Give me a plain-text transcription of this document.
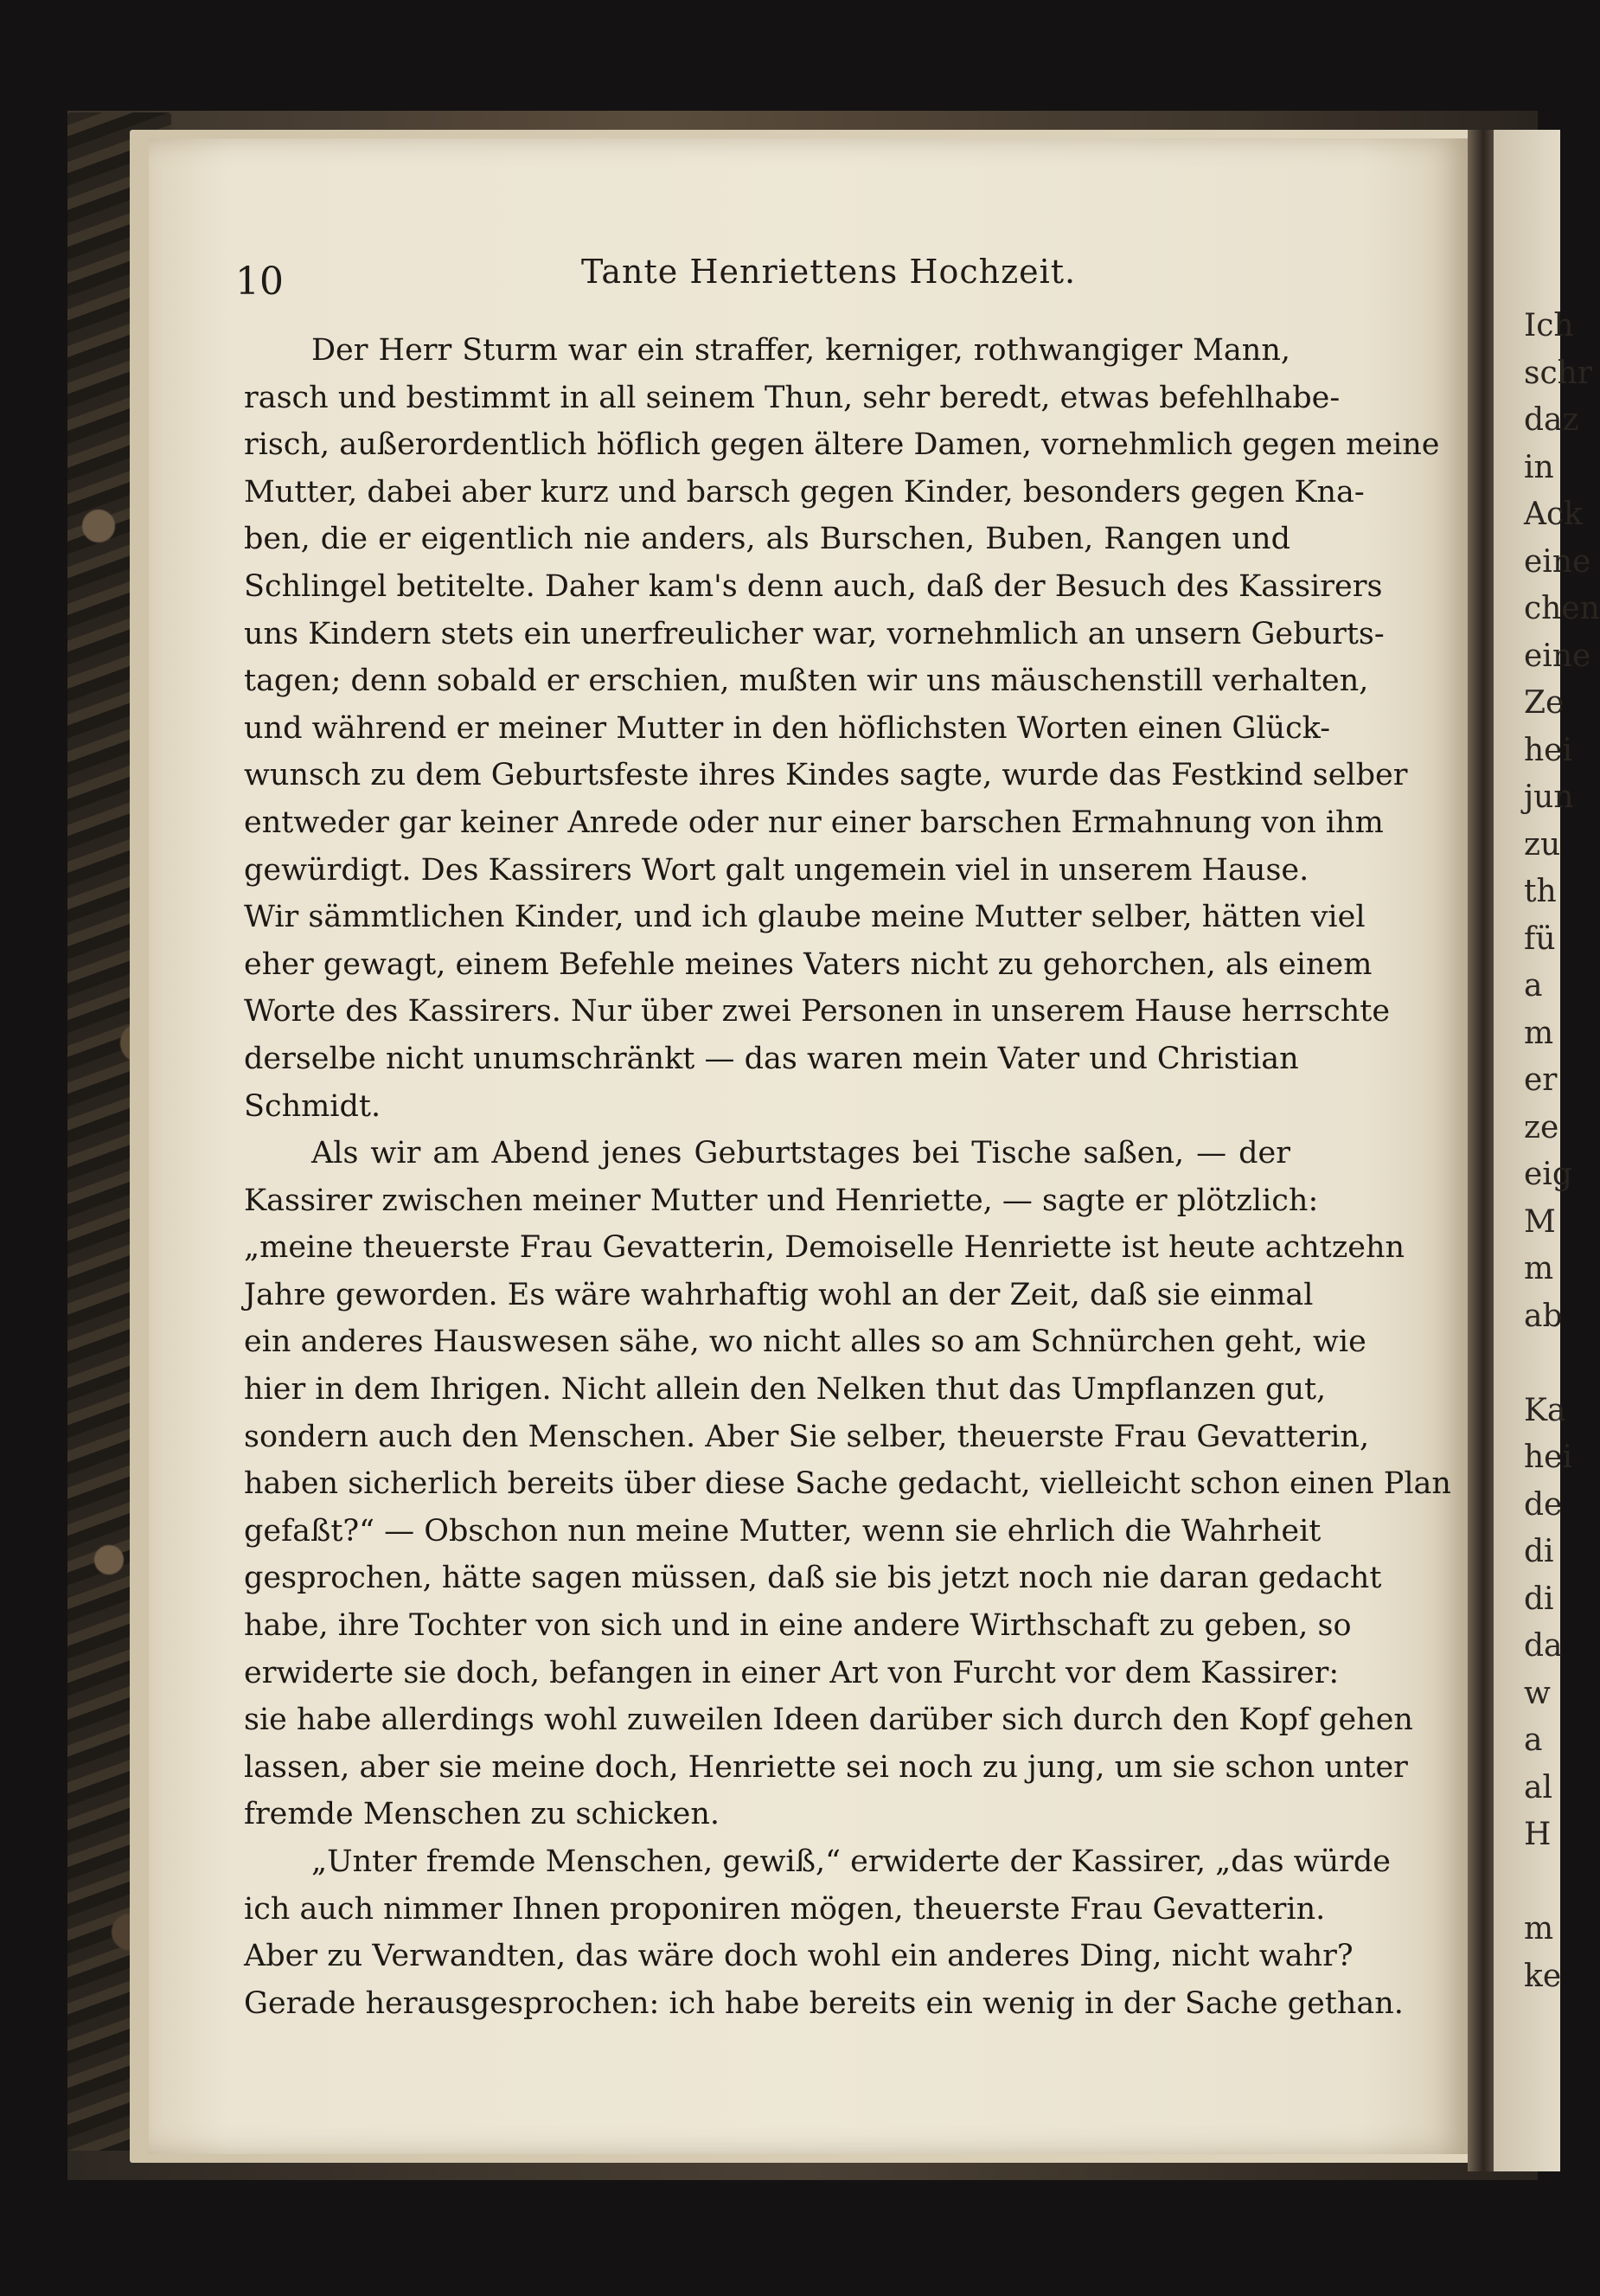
Ich
schr
daz
in
Ack
eine
chen
eine
Ze
hei
jun
zu
th
fü
a
m
er
ze
eig
M
m
ab
Ka
hei
de
di
di
da
w
a
al
H
m
ke
10	Tante Henriettens Hochzeit.
Der Herr Sturm war ein straffer, kerniger, rothwangiger Mann,
rasch und bestimmt in all seinem Thun, sehr beredt, etwas befehlhabe-
risch, außerordentlich höflich gegen ältere Damen, vornehmlich gegen meine
Mutter, dabei aber kurz und barsch gegen Kinder, besonders gegen Kna-
ben, die er eigentlich nie anders, als Burschen, Buben, Rangen und
Schlingel betitelte. Daher kam's denn auch, daß der Besuch des Kassirers
uns Kindern stets ein unerfreulicher war, vornehmlich an unsern Geburts-
tagen; denn sobald er erschien, mußten wir uns mäuschenstill verhalten,
und während er meiner Mutter in den höflichsten Worten einen Glück-
wunsch zu dem Geburtsfeste ihres Kindes sagte, wurde das Festkind selber
entweder gar keiner Anrede oder nur einer barschen Ermahnung von ihm
gewürdigt. Des Kassirers Wort galt ungemein viel in unserem Hause.
Wir sämmtlichen Kinder, und ich glaube meine Mutter selber, hätten viel
eher gewagt, einem Befehle meines Vaters nicht zu gehorchen, als einem
Worte des Kassirers. Nur über zwei Personen in unserem Hause herrschte
derselbe nicht unumschränkt — das waren mein Vater und Christian
Schmidt.
Als wir am Abend jenes Geburtstages bei Tische saßen, — der
Kassirer zwischen meiner Mutter und Henriette, — sagte er plötzlich:
„meine theuerste Frau Gevatterin, Demoiselle Henriette ist heute achtzehn
Jahre geworden. Es wäre wahrhaftig wohl an der Zeit, daß sie einmal
ein anderes Hauswesen sähe, wo nicht alles so am Schnürchen geht, wie
hier in dem Ihrigen. Nicht allein den Nelken thut das Umpflanzen gut,
sondern auch den Menschen. Aber Sie selber, theuerste Frau Gevatterin,
haben sicherlich bereits über diese Sache gedacht, vielleicht schon einen Plan
gefaßt?“ — Obschon nun meine Mutter, wenn sie ehrlich die Wahrheit
gesprochen, hätte sagen müssen, daß sie bis jetzt noch nie daran gedacht
habe, ihre Tochter von sich und in eine andere Wirthschaft zu geben, so
erwiderte sie doch, befangen in einer Art von Furcht vor dem Kassirer:
sie habe allerdings wohl zuweilen Ideen darüber sich durch den Kopf gehen
lassen, aber sie meine doch, Henriette sei noch zu jung, um sie schon unter
fremde Menschen zu schicken.
„Unter fremde Menschen, gewiß,“ erwiderte der Kassirer, „das würde
ich auch nimmer Ihnen proponiren mögen, theuerste Frau Gevatterin.
Aber zu Verwandten, das wäre doch wohl ein anderes Ding, nicht wahr?
Gerade herausgesprochen: ich habe bereits ein wenig in der Sache gethan.
